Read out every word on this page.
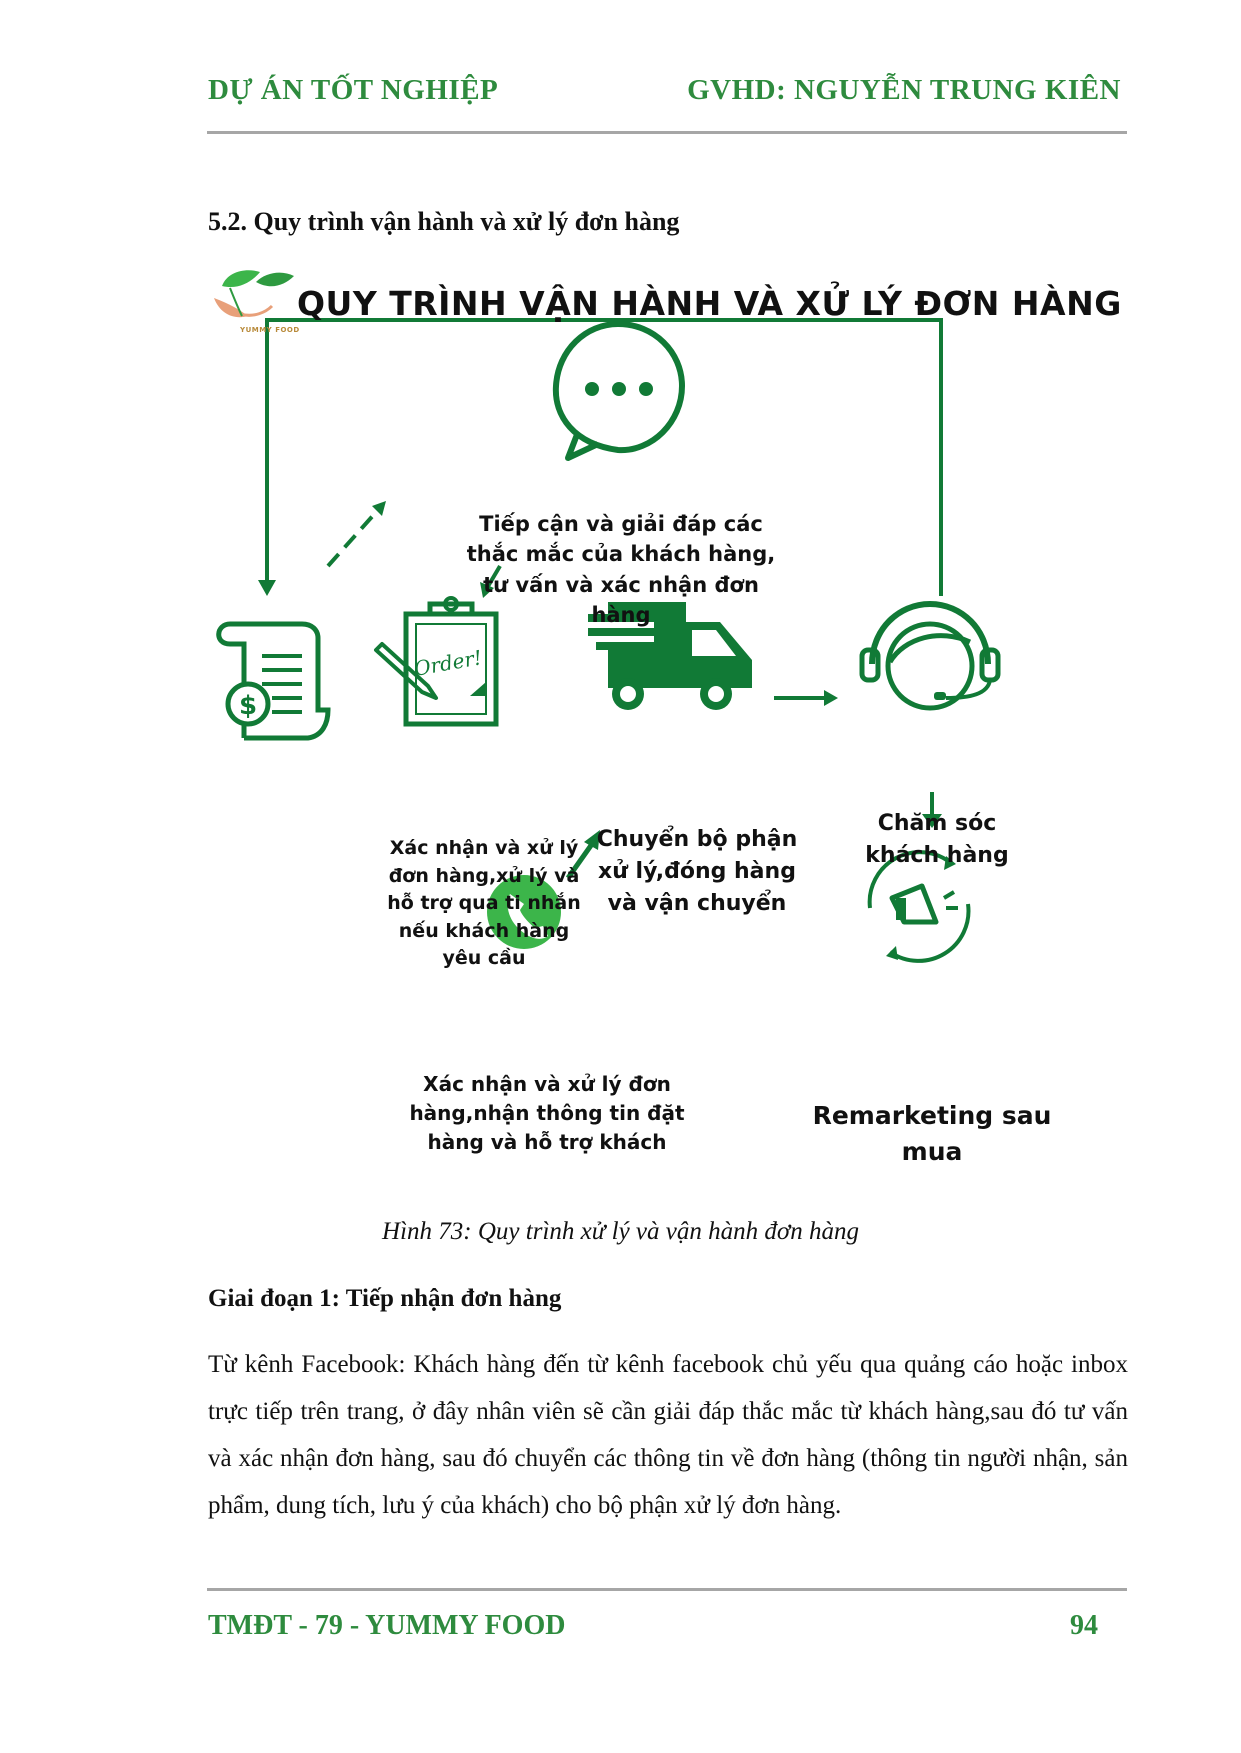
DỰ ÁN TỐT NGHIỆP	GVHD: NGUYỄN TRUNG KIÊN
5.2. Quy trình vận hành và xử lý đơn hàng
$
Order!
YUMMY FOOD
QUY TRÌNH VẬN HÀNH VÀ XỬ LÝ ĐƠN HÀNG
Tiếp cận và giải đáp các thắc mắc của khách hàng, tư vấn và xác nhận đơn hàng
Xác nhận và xử lý đơn hàng,xử lý và hỗ trợ qua ti nhắn nếu khách hàng yêu cầu
Chuyển bộ phận xử lý,đóng hàng và vận chuyển
Chăm sóc khách hàng
Xác nhận và xử lý đơn hàng,nhận thông tin đặt hàng và hỗ trợ khách
Remarketing sau mua
Hình 73: Quy trình xử lý và vận hành đơn hàng
Giai đoạn 1: Tiếp nhận đơn hàng
Từ kênh Facebook: Khách hàng đến từ kênh facebook chủ yếu qua quảng cáo hoặc inbox trực tiếp trên trang, ở đây nhân viên sẽ cần giải đáp thắc mắc từ khách hàng,sau đó tư vấn và xác nhận đơn hàng, sau đó chuyển các thông tin về đơn hàng (thông tin người nhận, sản phẩm, dung tích, lưu ý của khách) cho bộ phận xử lý đơn hàng.
TMĐT - 79 - YUMMY FOOD	94
